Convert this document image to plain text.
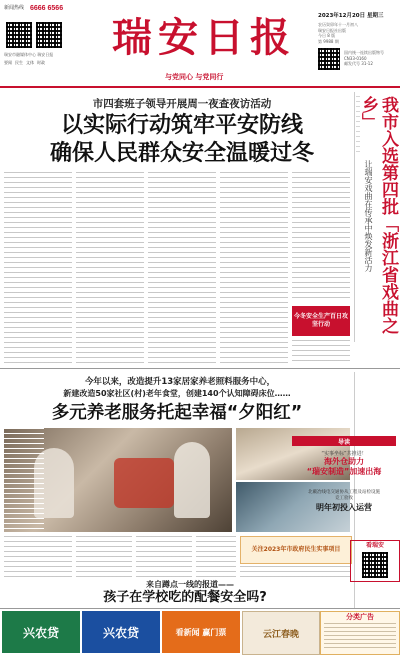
新闻热线 6666 6566
瑞安市融媒体中心 瑞安日报
要闻 民生 文体 时政
瑞安日报
与党同心 与党同行
2023年12月20日 星期三
农历癸卯年十一月初八
瑞安日报社出版
今日 8 版
第 9988 期
国内统一连续出版物号
CN33-0160
邮发代号 31-12
市四套班子领导开展周一夜查夜访活动
以实际行动筑牢平安防线
确保人民群众安全温暖过冬
今冬安全生产百日攻坚行动	我市入选第四批「浙江省戏曲之乡」
让瑞安戏曲在传承中焕发新活力
今年以来，改造提升13家居家养老照料服务中心，
新建改造50家社区(村)老年食堂，创建140个认知障碍床位……
多元养老服务托起幸福“夕阳红”
关注2023年市政府民生实事项目
来自蹲点一线的报道——
孩子在学校吃的配餐安全吗?
导读
“实事坐标”共推进！
海外仓助力
“瑞安制造”加速出海
北戴冶线电交通协从工程及站检设施
竞工验收
明年初投入运营
看瑞安
兴农贷	兴农贷	看新闻 赢门票	云江春晚
分类广告
